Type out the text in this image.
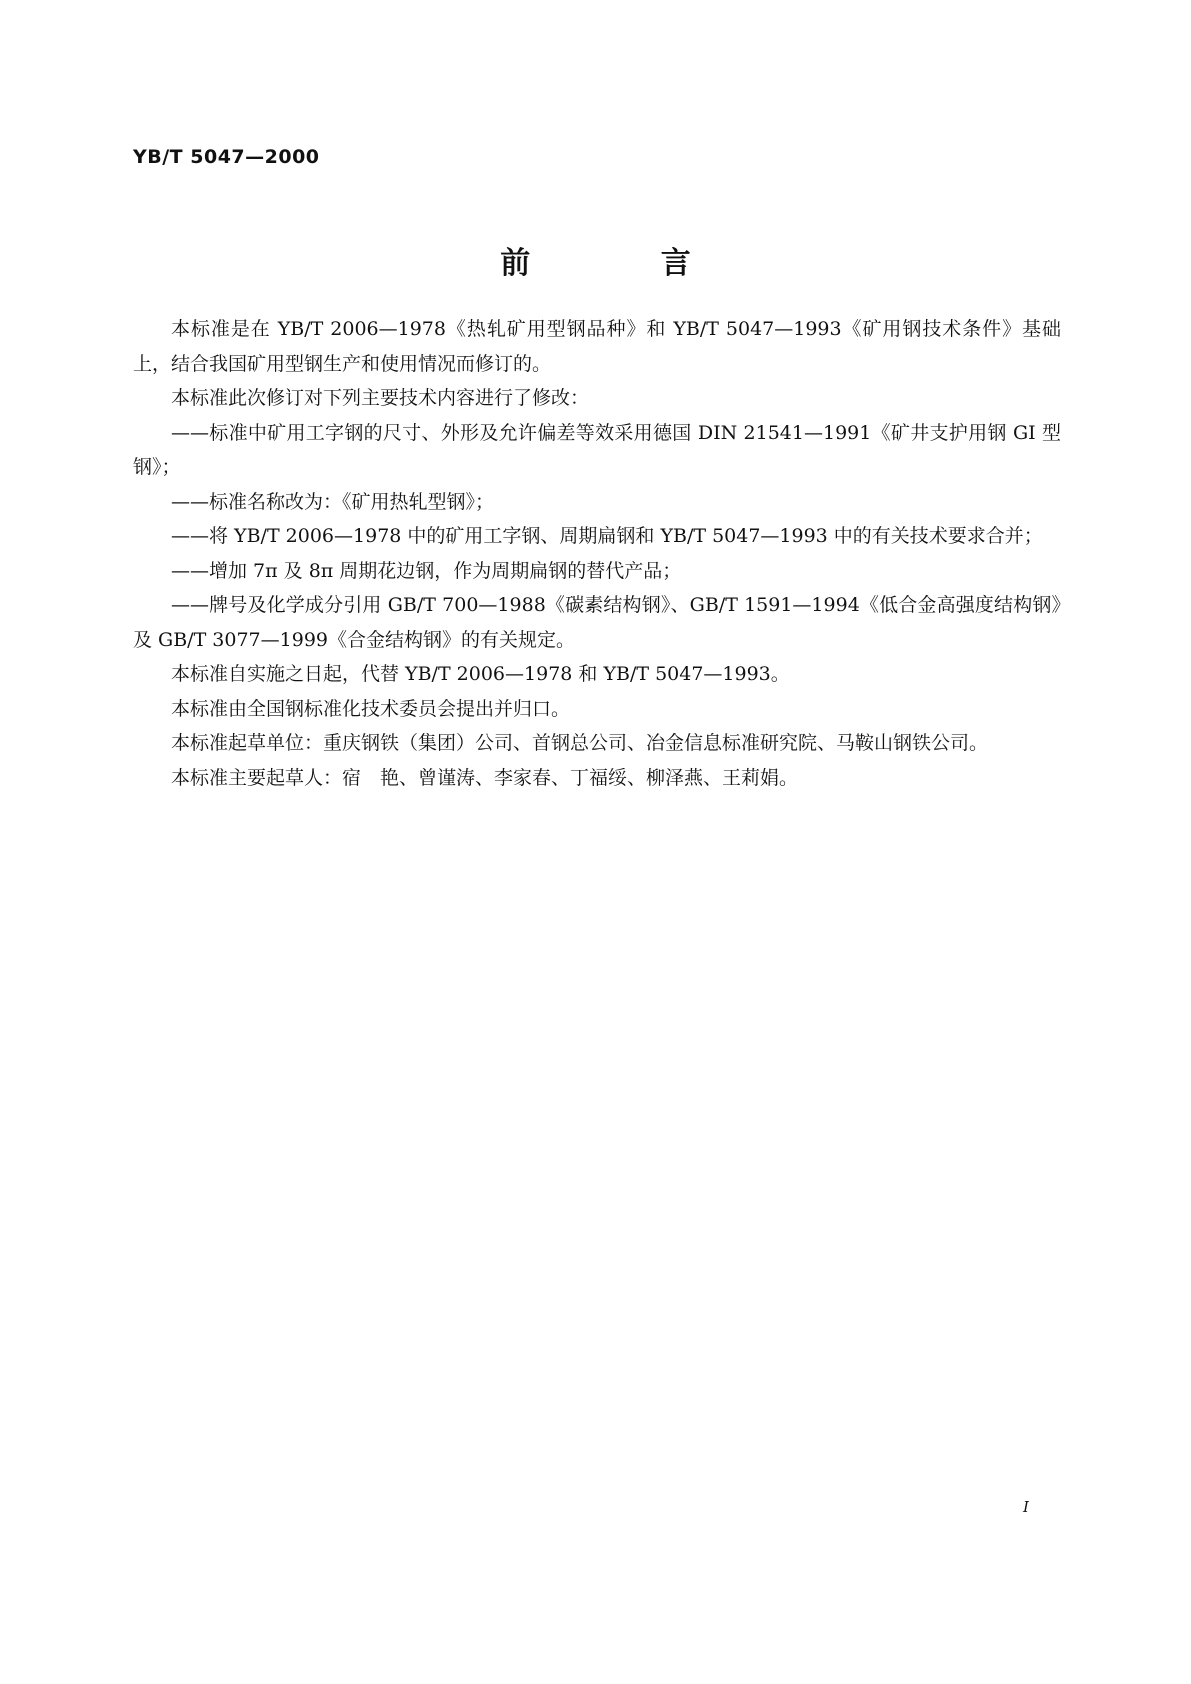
YB/T 5047—2000
前 言

本标准是在 YB/T 2006—1978《热轧矿用型钢品种》和 YB/T 5047—1993《矿用钢技术条件》基础上，结合我国矿用型钢生产和使用情况而修订的。

本标准此次修订对下列主要技术内容进行了修改：

——标准中矿用工字钢的尺寸、外形及允许偏差等效采用德国 DIN 21541—1991《矿井支护用钢 GI 型钢》；

——标准名称改为：《矿用热轧型钢》；

——将 YB/T 2006—1978 中的矿用工字钢、周期扁钢和 YB/T 5047—1993 中的有关技术要求合并；

——增加 7π 及 8π 周期花边钢，作为周期扁钢的替代产品；

——牌号及化学成分引用 GB/T 700—1988《碳素结构钢》、GB/T 1591—1994《低合金高强度结构钢》及 GB/T 3077—1999《合金结构钢》的有关规定。

本标准自实施之日起，代替 YB/T 2006—1978 和 YB/T 5047—1993。

本标准由全国钢标准化技术委员会提出并归口。

本标准起草单位：重庆钢铁（集团）公司、首钢总公司、冶金信息标准研究院、马鞍山钢铁公司。

本标准主要起草人：宿　艳、曾谨涛、李家春、丁福绥、柳泽燕、王莉娟。

I
